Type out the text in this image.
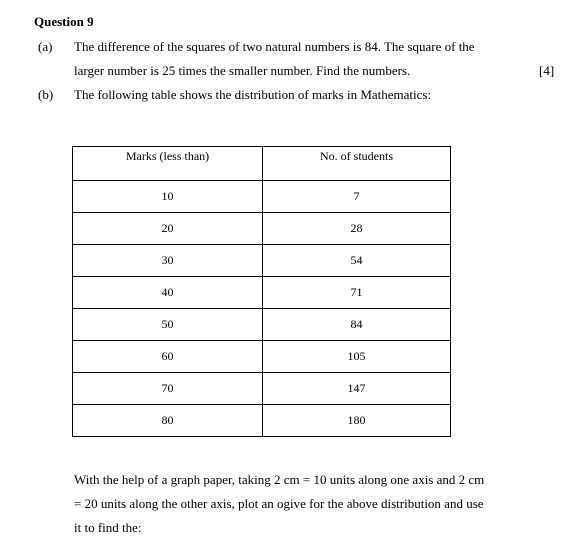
Question 9
(a) The difference of the squares of two natural numbers is 84. The square of the
larger number is 25 times the smaller number. Find the numbers.	[4]
(b) The following table shows the distribution of marks in Mathematics:
Marks (less than)	No. of students
10	7
20	28
30	54
40	71
50	84
60	105
70	147
80	180
With the help of a graph paper, taking 2 cm = 10 units along one axis and 2 cm
= 20 units along the other axis, plot an ogive for the above distribution and use
it to find the:
